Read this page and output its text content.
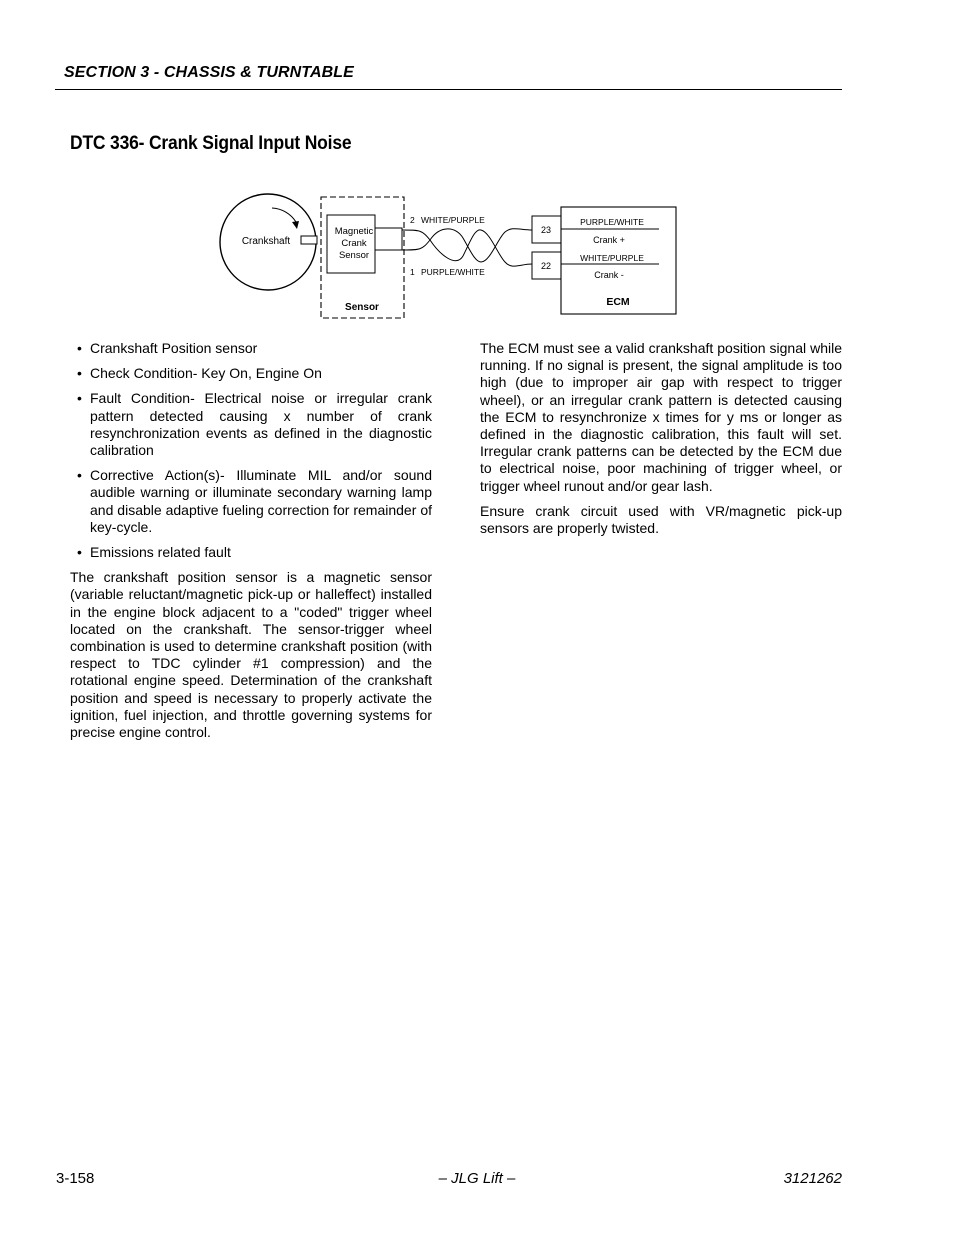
SECTION 3 - CHASSIS & TURNTABLE
DTC 336- Crank Signal Input Noise
Crankshaft
Magnetic
Crank
Sensor
Sensor
2 WHITE/PURPLE
1 PURPLE/WHITE
23
22
PURPLE/WHITE
Crank +
WHITE/PURPLE
Crank -
ECM
• Crankshaft Position sensor
• Check Condition- Key On, Engine On
• Fault Condition- Electrical noise or irregular crank pattern detected causing x number of crank resynchronization events as defined in the diagnostic calibration
• Corrective Action(s)- Illuminate MIL and/or sound audible warning or illuminate secondary warning lamp and disable adaptive fueling correction for remainder of key-cycle.
• Emissions related fault

The crankshaft position sensor is a magnetic sensor (variable reluctant/magnetic pick-up or halleffect) installed in the engine block adjacent to a "coded" trigger wheel located on the crankshaft. The sensor-trigger wheel combination is used to determine crankshaft position (with respect to TDC cylinder #1 compression) and the rotational engine speed. Determination of the crankshaft position and speed is necessary to properly activate the ignition, fuel injection, and throttle governing systems for precise engine control.

The ECM must see a valid crankshaft position signal while running. If no signal is present, the signal amplitude is too high (due to improper air gap with respect to trigger wheel), or an irregular crank pattern is detected causing the ECM to resynchronize x times for y ms or longer as defined in the diagnostic calibration, this fault will set. Irregular crank patterns can be detected by the ECM due to electrical noise, poor machining of trigger wheel, or trigger wheel runout and/or gear lash.

Ensure crank circuit used with VR/magnetic pick-up sensors are properly twisted.

3-158	– JLG Lift –	3121262
